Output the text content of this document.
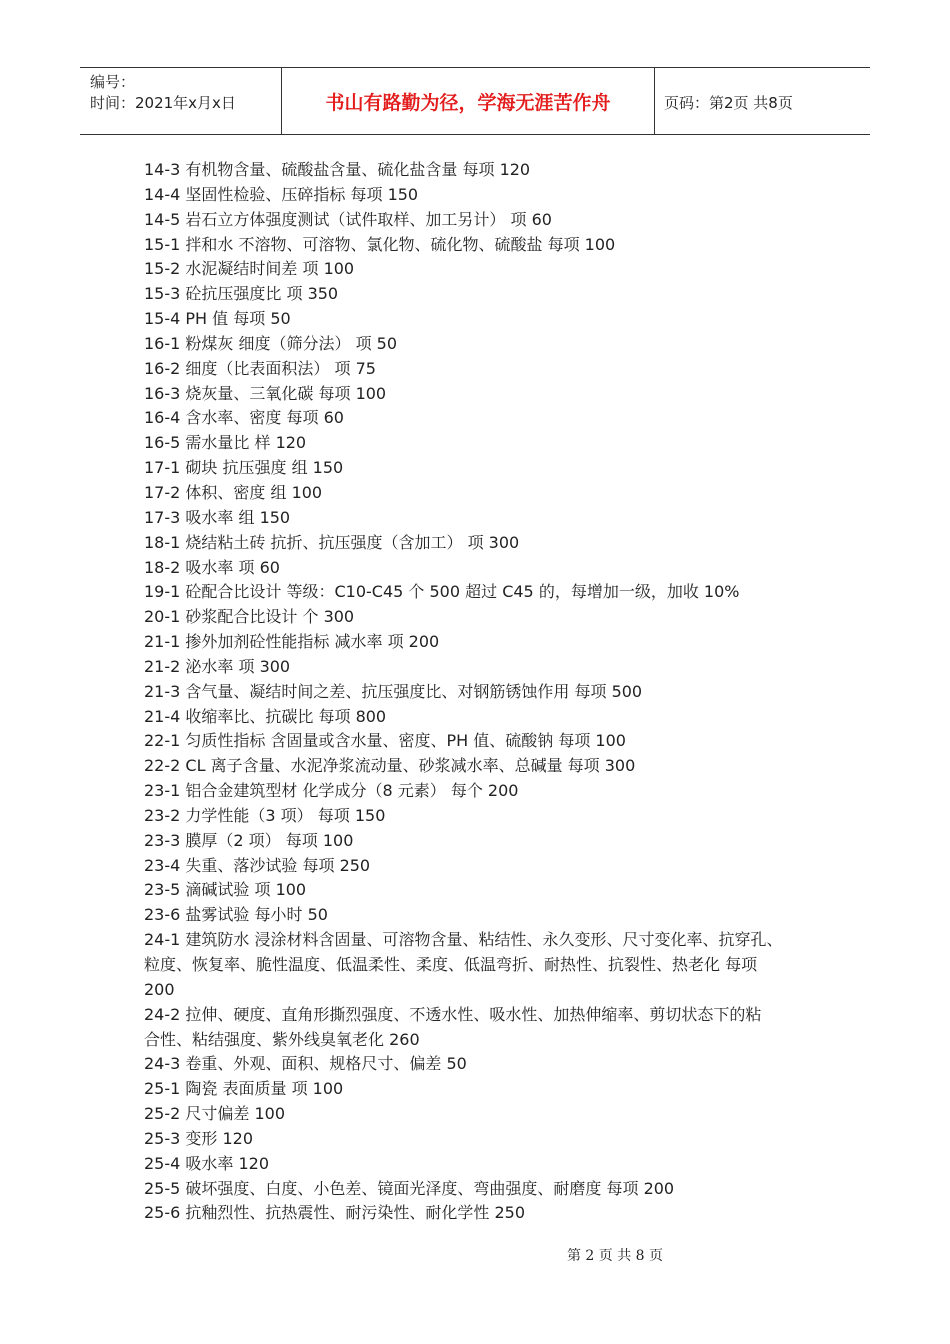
编号：
时间：2021年x月x日	书山有路勤为径，学海无涯苦作舟	页码：第2页 共8页
14-3 有机物含量、硫酸盐含量、硫化盐含量 每项 120
14-4 坚固性检验、压碎指标 每项 150
14-5 岩石立方体强度测试（试件取样、加工另计） 项 60
15-1 拌和水 不溶物、可溶物、氯化物、硫化物、硫酸盐 每项 100
15-2 水泥凝结时间差 项 100
15-3 砼抗压强度比 项 350
15-4 PH 值 每项 50
16-1 粉煤灰 细度（筛分法） 项 50
16-2 细度（比表面积法） 项 75
16-3 烧灰量、三氧化碳 每项 100
16-4 含水率、密度 每项 60
16-5 需水量比 样 120
17-1 砌块 抗压强度 组 150
17-2 体积、密度 组 100
17-3 吸水率 组 150
18-1 烧结粘土砖 抗折、抗压强度（含加工） 项 300
18-2 吸水率 项 60
19-1 砼配合比设计 等级：C10-C45 个 500 超过 C45 的，每增加一级，加收 10%
20-1 砂浆配合比设计 个 300
21-1 掺外加剂砼性能指标 减水率 项 200
21-2 泌水率 项 300
21-3 含气量、凝结时间之差、抗压强度比、对钢筋锈蚀作用 每项 500
21-4 收缩率比、抗碳比 每项 800
22-1 匀质性指标 含固量或含水量、密度、PH 值、硫酸钠 每项 100
22-2 CL 离子含量、水泥净浆流动量、砂浆减水率、总碱量 每项 300
23-1 铝合金建筑型材 化学成分（8 元素） 每个 200
23-2 力学性能（3 项） 每项 150
23-3 膜厚（2 项） 每项 100
23-4 失重、落沙试验 每项 250
23-5 滴碱试验 项 100
23-6 盐雾试验 每小时 50
24-1 建筑防水 浸涂材料含固量、可溶物含量、粘结性、永久变形、尺寸变化率、抗穿孔、
粒度、恢复率、脆性温度、低温柔性、柔度、低温弯折、耐热性、抗裂性、热老化 每项
200
24-2 拉伸、硬度、直角形撕烈强度、不透水性、吸水性、加热伸缩率、剪切状态下的粘
合性、粘结强度、紫外线臭氧老化 260
24-3 卷重、外观、面积、规格尺寸、偏差 50
25-1 陶瓷 表面质量 项 100
25-2 尺寸偏差 100
25-3 变形 120
25-4 吸水率 120
25-5 破坏强度、白度、小色差、镜面光泽度、弯曲强度、耐磨度 每项 200
25-6 抗釉烈性、抗热震性、耐污染性、耐化学性 250
第 2 页 共 8 页
